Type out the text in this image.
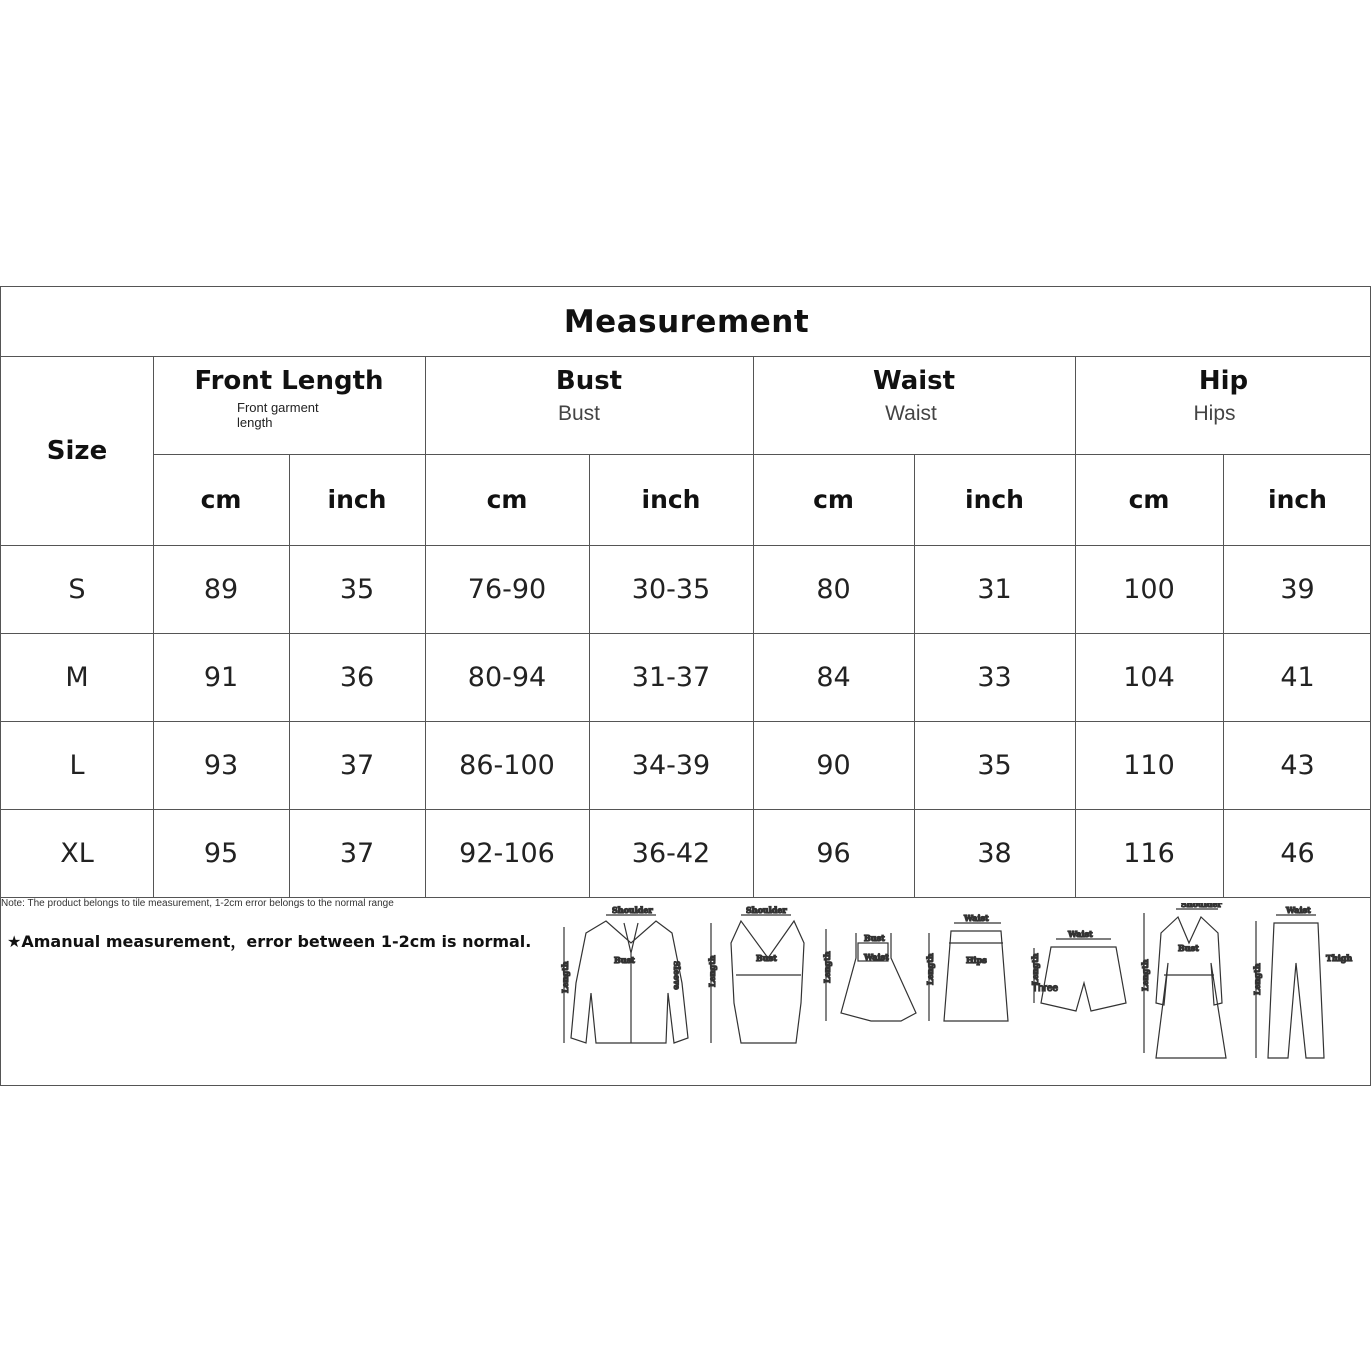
Measurement
Size
Front Length
Front garment
length
Bust
Bust
Waist
Waist
Hip
Hips
cm	inch	cm	inch	cm	inch	cm	inch
S	89	35	76-90	30-35	80	31	100	39
M	91	36	80-94	31-37	84	33	104	41
L	93	37	86-100	34-39	90	35	110	43
XL	95	37	92-106	36-42	96	38	116	46
Note: The product belongs to tile measurement, 1-2cm error belongs to the normal range
★Amanual measurement，error between 1-2cm is normal.
Length
Shoulder
Bust
Sleeve	Length
Shoulder
Bust	Length
Bust
Waist	Length
Waist
Hips	Length
Waist
Three	Length
Shoulder
Bust
Length
Waist
Thigh
